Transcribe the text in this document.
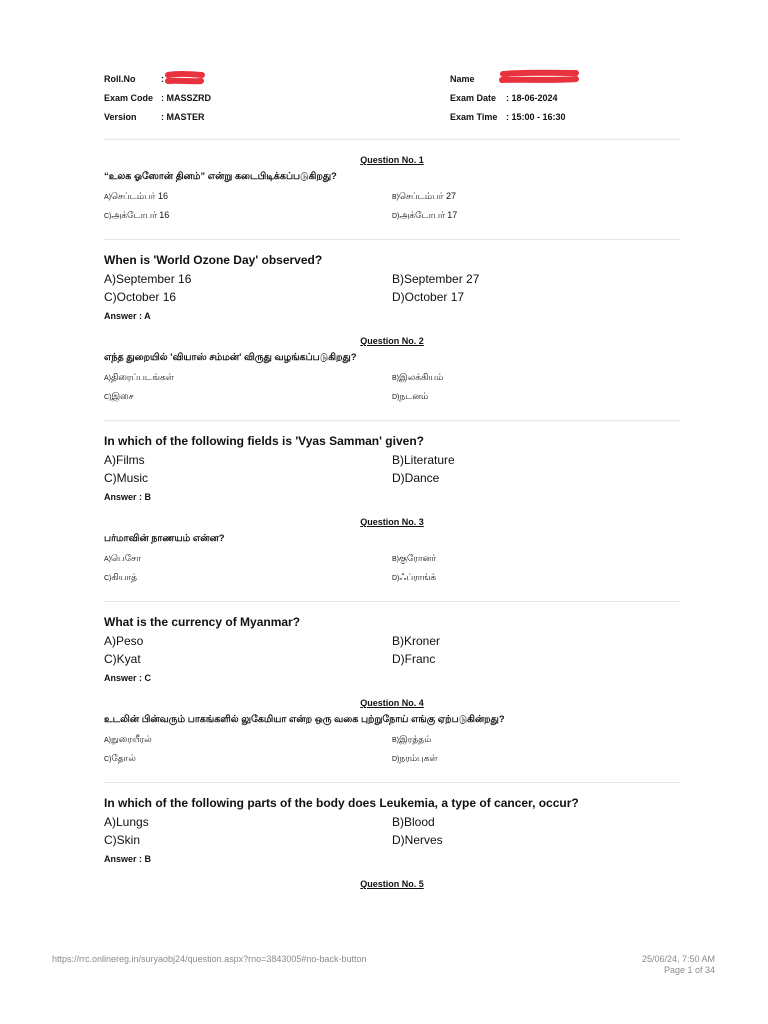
Roll.No	:	Name
Exam Code : MASSZRD	Exam Date : 18-06-2024
Version	: MASTER	Exam Time : 15:00 - 16:30
Question No. 1
“உலக ஓஸோன் தினம்” என்று கடைபிடிக்கப்படுகிறது?
A)செப்டம்பர் 16	B)செப்டம்பர் 27
C)அக்டோபர் 16	D)அக்டோபர் 17
When is 'World Ozone Day' observed?
A)September 16	B)September 27
C)October 16	D)October 17
Answer : A
Question No. 2
எந்த துறையில் 'வியாஸ் சம்மன்' விருது வழங்கப்படுகிறது?
A)திரைப்படங்கள்	B)இலக்கியம்
C)இசை	D)நடனம்
In which of the following fields is 'Vyas Samman' given?
A)Films	B)Literature
C)Music	D)Dance
Answer : B
Question No. 3
பர்மாவின் நாணயம் என்ன?
A)பெசோ	B)குரோனர்
C)கியாத்	D)ஃப்ராங்க்
What is the currency of Myanmar?
A)Peso	B)Kroner
C)Kyat	D)Franc
Answer : C
Question No. 4
உடலின் பின்வரும் பாகங்களில் லுகேமியா என்ற ஒரு வகை புற்றுநோய் எங்கு ஏற்படுகின்றது?
A)நுரையீரல்	B)இரத்தம்
C)தோல்	D)நரம்புகள்
In which of the following parts of the body does Leukemia, a type of cancer, occur?
A)Lungs	B)Blood
C)Skin	D)Nerves
Answer : B
Question No. 5
https://rrc.onlinereg.in/suryaobj24/question.aspx?rno=3843005#no-back-button	25/06/24, 7:50 AM
Page 1 of 34
